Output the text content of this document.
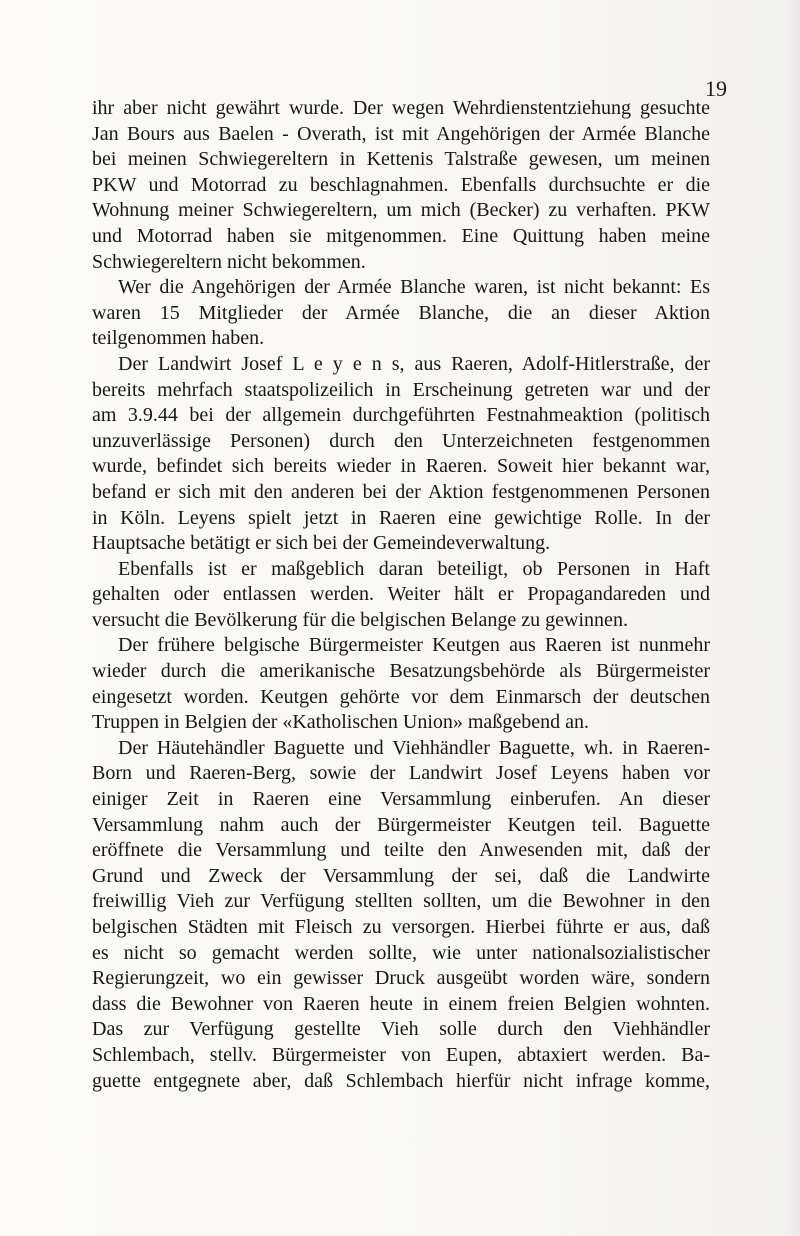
19
ihr aber nicht gewährt wurde. Der wegen Wehrdienstentziehung gesuchte
Jan Bours aus Baelen - Overath, ist mit Angehörigen der Armée Blanche
bei meinen Schwiegereltern in Kettenis Talstraße gewesen, um meinen
PKW und Motorrad zu beschlagnahmen. Ebenfalls durchsuchte er die
Wohnung meiner Schwiegereltern, um mich (Becker) zu verhaften. PKW
und Motorrad haben sie mitgenommen. Eine Quittung haben meine
Schwiegereltern nicht bekommen.
Wer die Angehörigen der Armée Blanche waren, ist nicht bekannt: Es
waren 15 Mitglieder der Armée Blanche, die an dieser Aktion
teilgenommen haben.
Der Landwirt Josef L e y e n s, aus Raeren, Adolf-Hitlerstraße, der
bereits mehrfach staatspolizeilich in Erscheinung getreten war und der
am 3.9.44 bei der allgemein durchgeführten Festnahmeaktion (politisch
unzuverlässige Personen) durch den Unterzeichneten festgenommen
wurde, befindet sich bereits wieder in Raeren. Soweit hier bekannt war,
befand er sich mit den anderen bei der Aktion festgenommenen Personen
in Köln. Leyens spielt jetzt in Raeren eine gewichtige Rolle. In der
Hauptsache betätigt er sich bei der Gemeindeverwaltung.
Ebenfalls ist er maßgeblich daran beteiligt, ob Personen in Haft
gehalten oder entlassen werden. Weiter hält er Propagandareden und
versucht die Bevölkerung für die belgischen Belange zu gewinnen.
Der frühere belgische Bürgermeister Keutgen aus Raeren ist nunmehr
wieder durch die amerikanische Besatzungsbehörde als Bürgermeister
eingesetzt worden. Keutgen gehörte vor dem Einmarsch der deutschen
Truppen in Belgien der «Katholischen Union» maßgebend an.
Der Häutehändler Baguette und Viehhändler Baguette, wh. in Raeren-
Born und Raeren-Berg, sowie der Landwirt Josef Leyens haben vor
einiger Zeit in Raeren eine Versammlung einberufen. An dieser
Versammlung nahm auch der Bürgermeister Keutgen teil. Baguette
eröffnete die Versammlung und teilte den Anwesenden mit, daß der
Grund und Zweck der Versammlung der sei, daß die Landwirte
freiwillig Vieh zur Verfügung stellten sollten, um die Bewohner in den
belgischen Städten mit Fleisch zu versorgen. Hierbei führte er aus, daß
es nicht so gemacht werden sollte, wie unter nationalsozialistischer
Regierungzeit, wo ein gewisser Druck ausgeübt worden wäre, sondern
dass die Bewohner von Raeren heute in einem freien Belgien wohnten.
Das zur Verfügung gestellte Vieh solle durch den Viehhändler
Schlembach, stellv. Bürgermeister von Eupen, abtaxiert werden. Ba-
guette entgegnete aber, daß Schlembach hierfür nicht infrage komme,
